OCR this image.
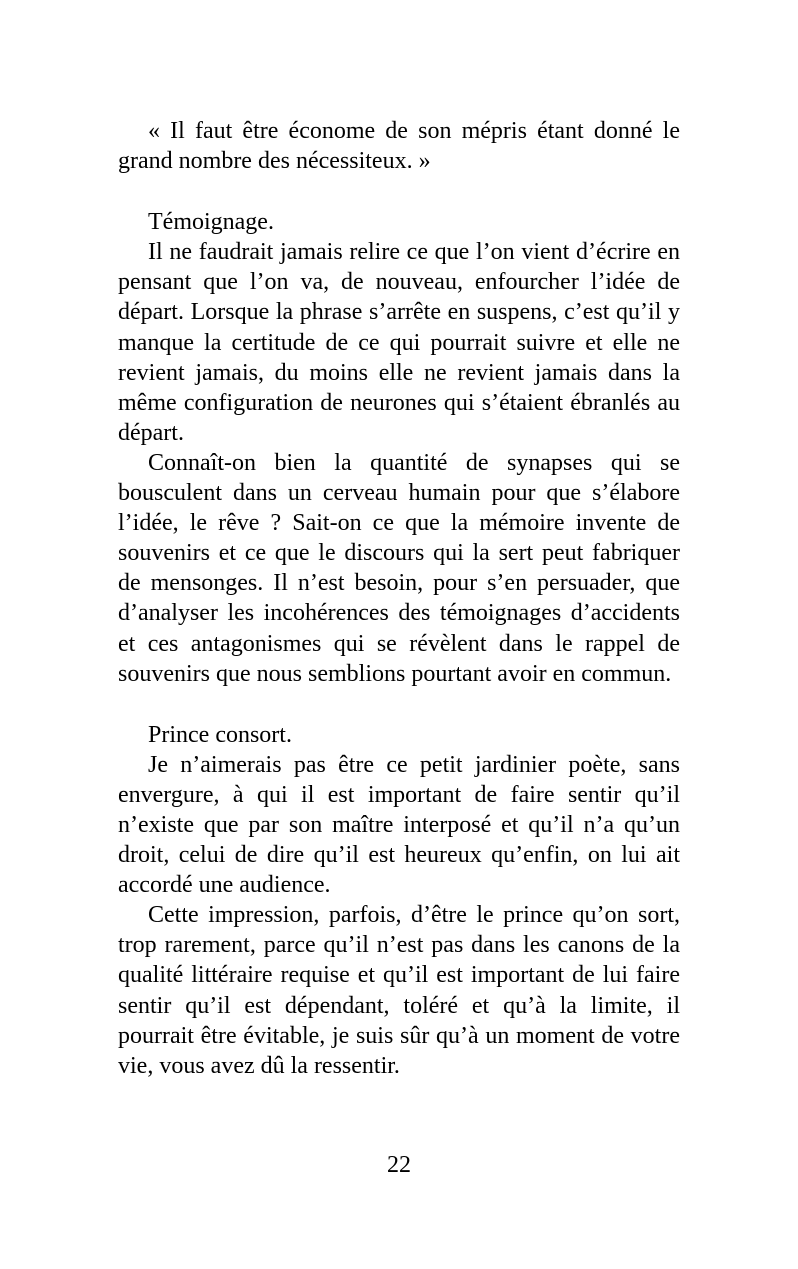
« Il faut être économe de son mépris étant donné le grand nombre des nécessiteux. »

Témoignage.

Il ne faudrait jamais relire ce que l’on vient d’écrire en pensant que l’on va, de nouveau, enfourcher l’idée de départ. Lorsque la phrase s’arrête en suspens, c’est qu’il y manque la certitude de ce qui pourrait suivre et elle ne revient jamais, du moins elle ne revient jamais dans la même configuration de neurones qui s’étaient ébranlés au départ.

Connaît-on bien la quantité de synapses qui se bousculent dans un cerveau humain pour que s’élabore l’idée, le rêve ? Sait-on ce que la mémoire invente de souvenirs et ce que le discours qui la sert peut fabriquer de mensonges. Il n’est besoin, pour s’en persuader, que d’analyser les incohérences des témoignages d’accidents et ces antagonismes qui se révèlent dans le rappel de souvenirs que nous semblions pourtant avoir en commun.

Prince consort.

Je n’aimerais pas être ce petit jardinier poète, sans envergure, à qui il est important de faire sentir qu’il n’existe que par son maître interposé et qu’il n’a qu’un droit, celui de dire qu’il est heureux qu’enfin, on lui ait accordé une audience.

Cette impression, parfois, d’être le prince qu’on sort, trop rarement, parce qu’il n’est pas dans les canons de la qualité littéraire requise et qu’il est important de lui faire sentir qu’il est dépendant, toléré et qu’à la limite, il pourrait être évitable, je suis sûr qu’à un moment de votre vie, vous avez dû la ressentir.

22
